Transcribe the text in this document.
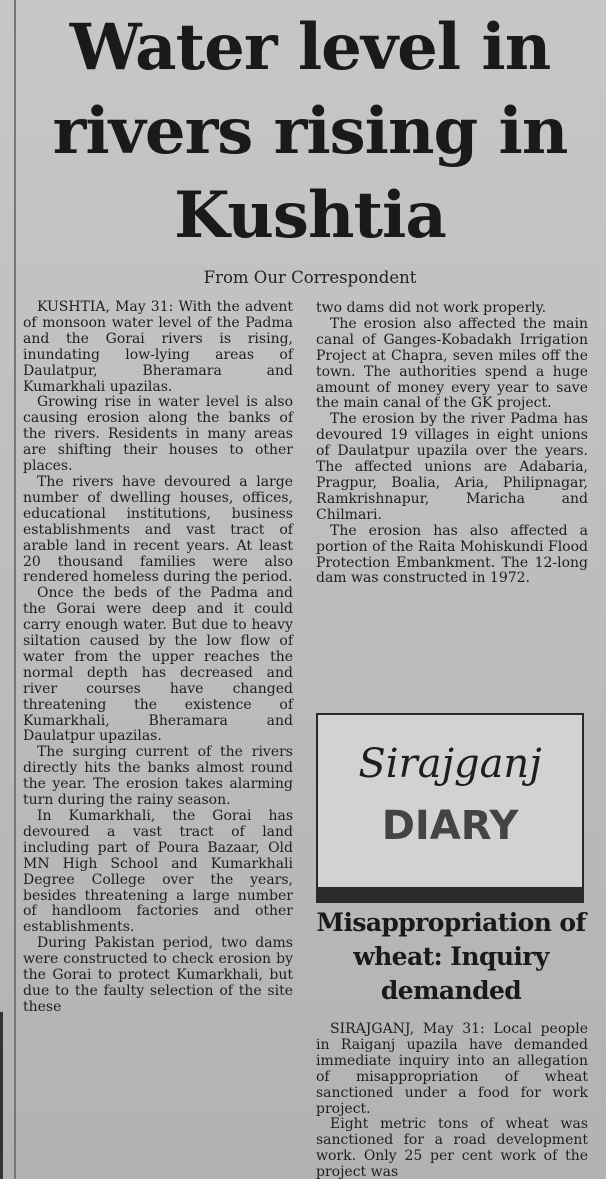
Water level in rivers rising in Kushtia
From Our Correspondent

KUSHTIA, May 31: With the advent of monsoon water level of the Padma and the Gorai rivers is rising, inundating low-lying areas of Daulatpur, Bheramara and Kumarkhali upazilas.

Growing rise in water level is also causing erosion along the banks of the rivers. Residents in many areas are shifting their houses to other places.

The rivers have devoured a large number of dwelling houses, offices, educational institutions, business establishments and vast tract of arable land in recent years. At least 20 thousand families were also rendered homeless during the period.

Once the beds of the Padma and the Gorai were deep and it could carry enough water. But due to heavy siltation caused by the low flow of water from the upper reaches the normal depth has decreased and river courses have changed threatening the existence of Kumarkhali, Bheramara and Daulatpur upazilas.

The surging current of the rivers directly hits the banks almost round the year. The erosion takes alarming turn during the rainy season.

In Kumarkhali, the Gorai has devoured a vast tract of land including part of Poura Bazaar, Old MN High School and Kumarkhali Degree College over the years, besides threatening a large number of handloom factories and other establishments.

During Pakistan period, two dams were constructed to check erosion by the Gorai to protect Kumarkhali, but due to the faulty selection of the site these

two dams did not work properly.

The erosion also affected the main canal of Ganges-Kobadakh Irrigation Project at Chapra, seven miles off the town. The authorities spend a huge amount of money every year to save the main canal of the GK project.

The erosion by the river Padma has devoured 19 villages in eight unions of Daulatpur upazila over the years. The affected unions are Adabaria, Pragpur, Boalia, Aria, Philipnagar, Ramkrishnapur, Maricha and Chilmari.

The erosion has also affected a portion of the Raita Mohiskundi Flood Protection Embankment. The 12-long dam was constructed in 1972.

Sirajganj
DIARY
Misappropriation of wheat: Inquiry demanded

SIRAJGANJ, May 31: Local people in Raiganj upazila have demanded immediate inquiry into an allegation of misappropriation of wheat sanctioned under a food for work project.

Eight metric tons of wheat was sanctioned for a road development work. Only 25 per cent work of the project was
